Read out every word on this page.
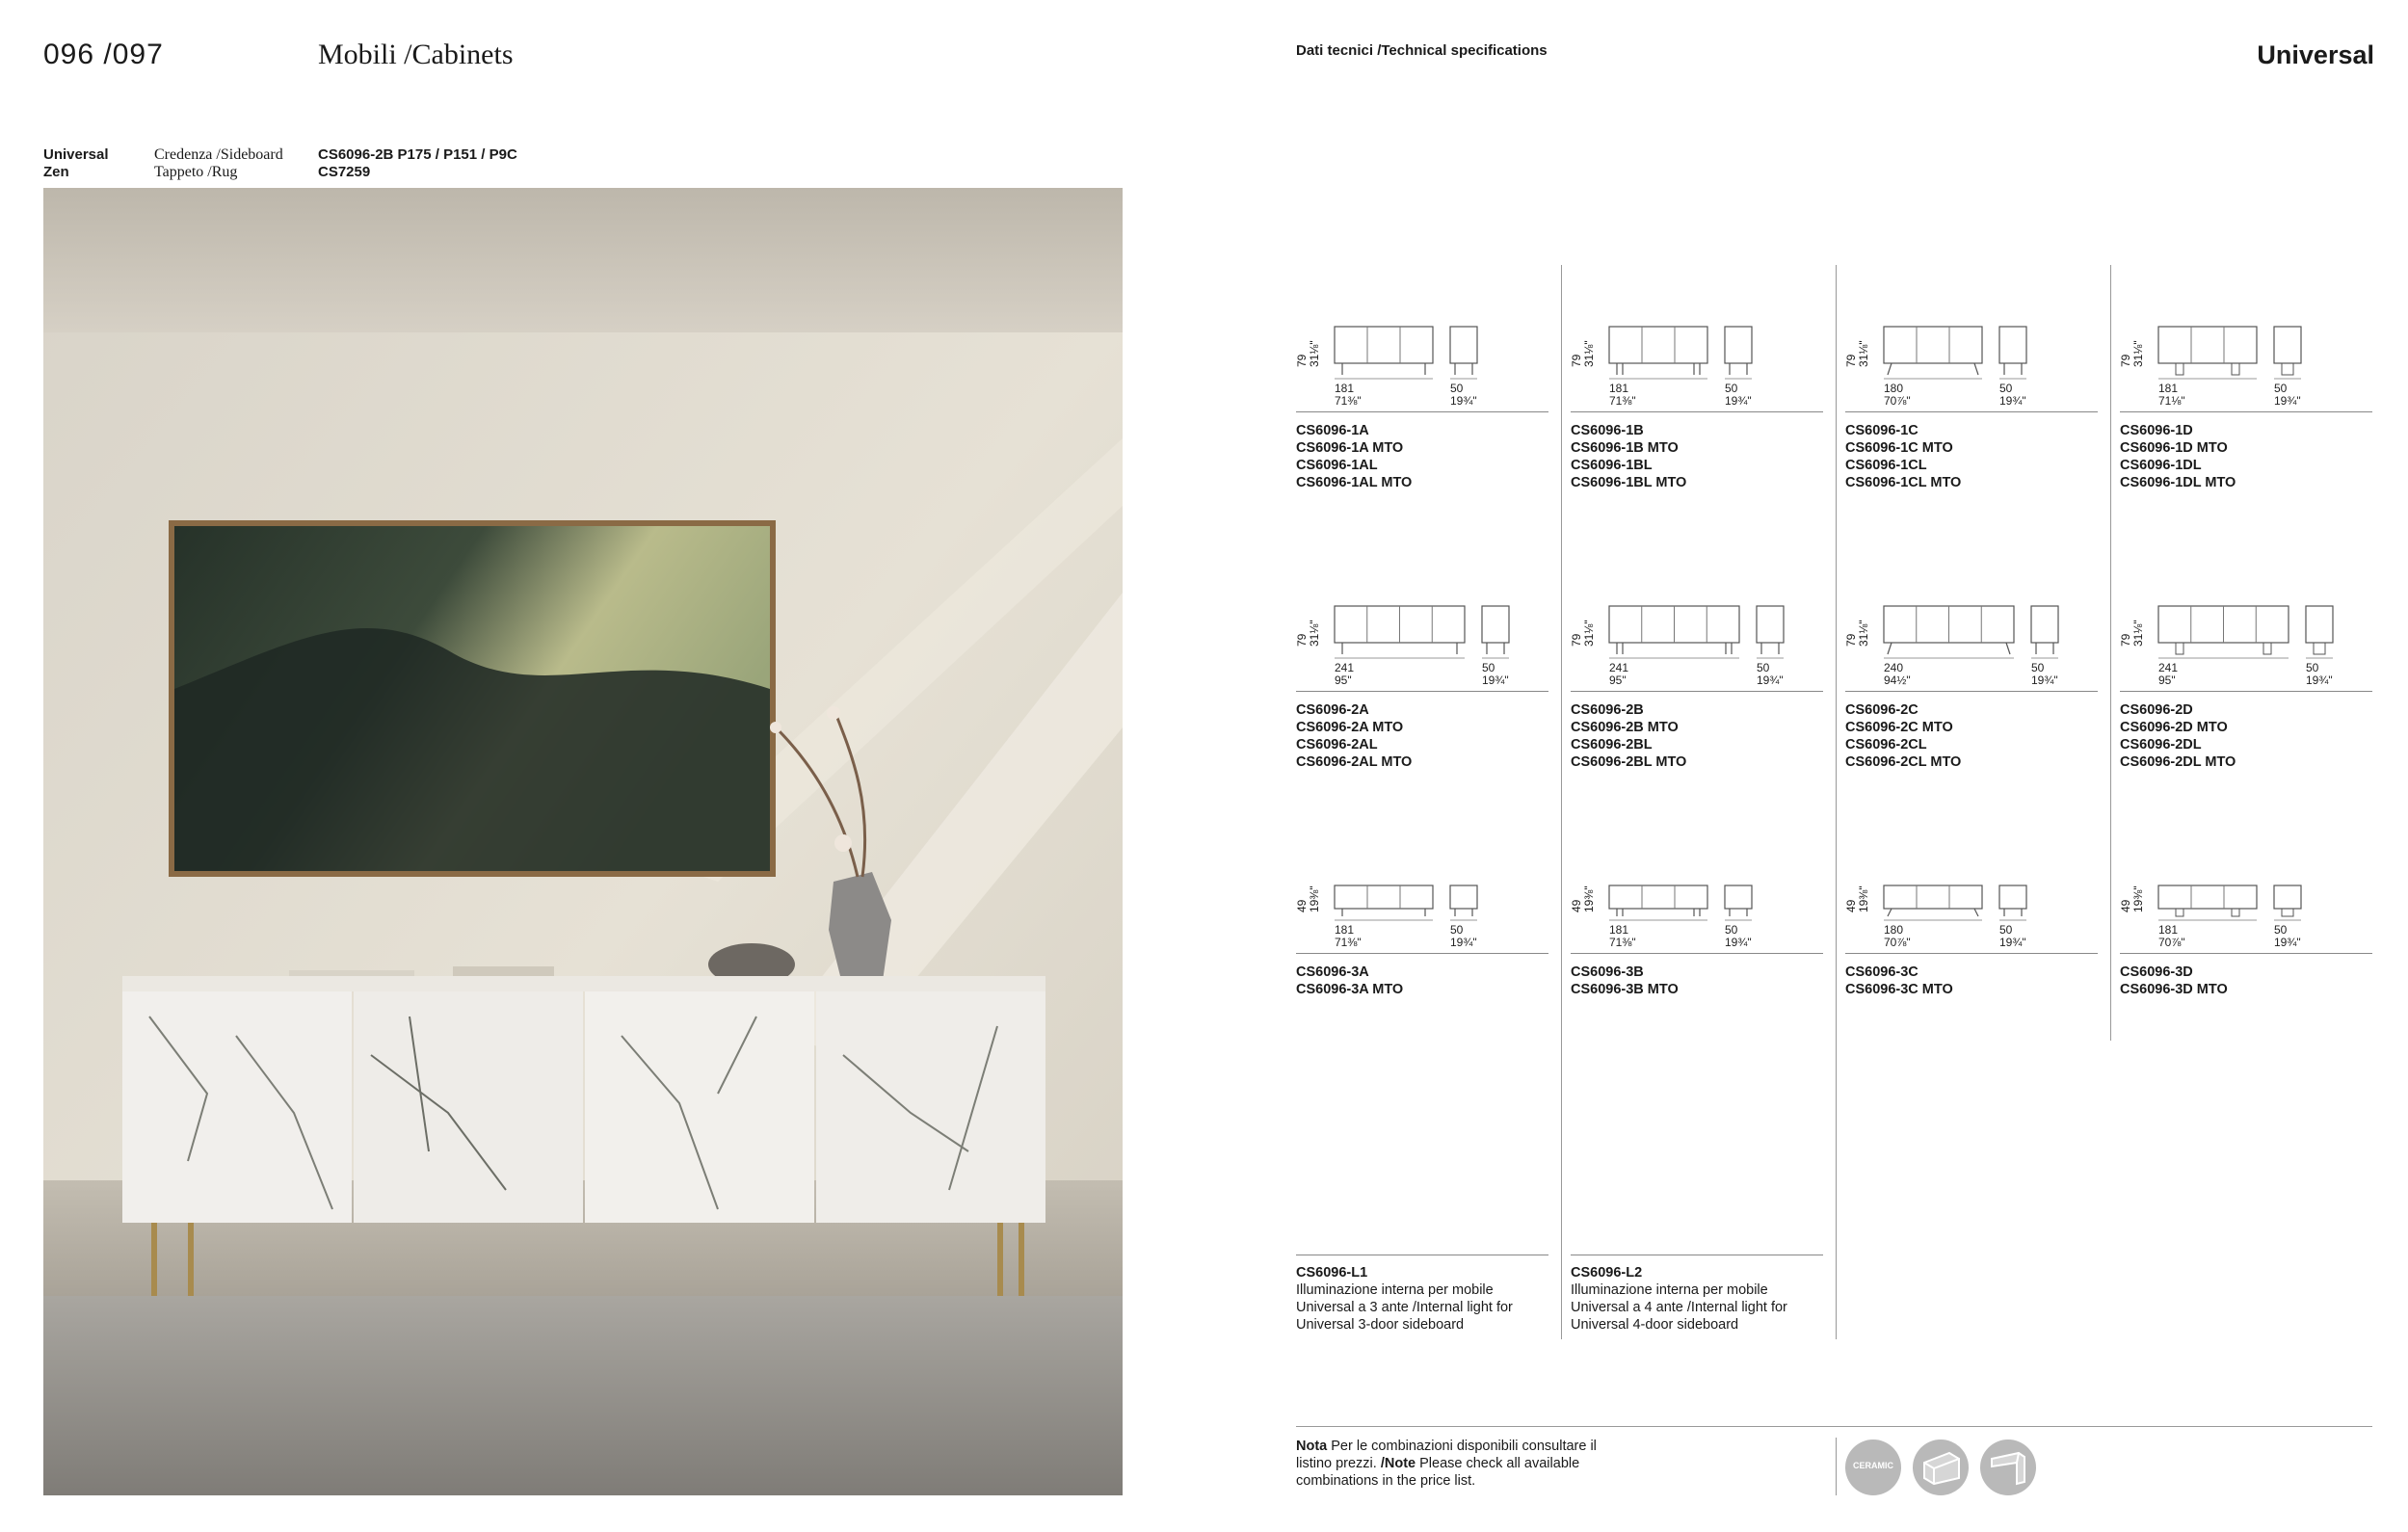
096 /097	Mobili /Cabinets	Dati tecnici /Technical specifications	Universal
Universal
Zen
Credenza /Sideboard
Tappeto /Rug
CS6096-2B P175 / P151 / P9C
CS7259
79 31⅛"
181
71⅜"
50
19¾"
CS6096-1A
CS6096-1A MTO
CS6096-1AL
CS6096-1AL MTO
79 31⅛"
181
71⅜"
50
19¾"
CS6096-1B
CS6096-1B MTO
CS6096-1BL
CS6096-1BL MTO
79 31⅛"
180
70⅞"
50
19¾"
CS6096-1C
CS6096-1C MTO
CS6096-1CL
CS6096-1CL MTO
79 31⅛"
181
71⅛"
50
19¾"
CS6096-1D
CS6096-1D MTO
CS6096-1DL
CS6096-1DL MTO
79 31⅛"
241
95"
50
19¾"
CS6096-2A
CS6096-2A MTO
CS6096-2AL
CS6096-2AL MTO
79 31⅛"
241
95"
50
19¾"
CS6096-2B
CS6096-2B MTO
CS6096-2BL
CS6096-2BL MTO
79 31⅛"
240
94½"
50
19¾"
CS6096-2C
CS6096-2C MTO
CS6096-2CL
CS6096-2CL MTO
79 31⅛"
241
95"
50
19¾"
CS6096-2D
CS6096-2D MTO
CS6096-2DL
CS6096-2DL MTO
49 19⅜"
181
71⅜"
50
19¾"
CS6096-3A
CS6096-3A MTO
49 19⅜"
181
71⅜"
50
19¾"
CS6096-3B
CS6096-3B MTO
49 19⅜"
180
70⅞"
50
19¾"
CS6096-3C
CS6096-3C MTO
49 19⅜"
181
70⅞"
50
19¾"
CS6096-3D
CS6096-3D MTO
CS6096-L1
Illuminazione interna per mobile Universal a 3 ante /Internal light for Universal 3-door sideboard
CS6096-L2
Illuminazione interna per mobile Universal a 4 ante /Internal light for Universal 4-door sideboard
Nota Per le combinazioni disponibili consultare il listino prezzi. /Note Please check all available combinations in the price list.
CERAMIC
